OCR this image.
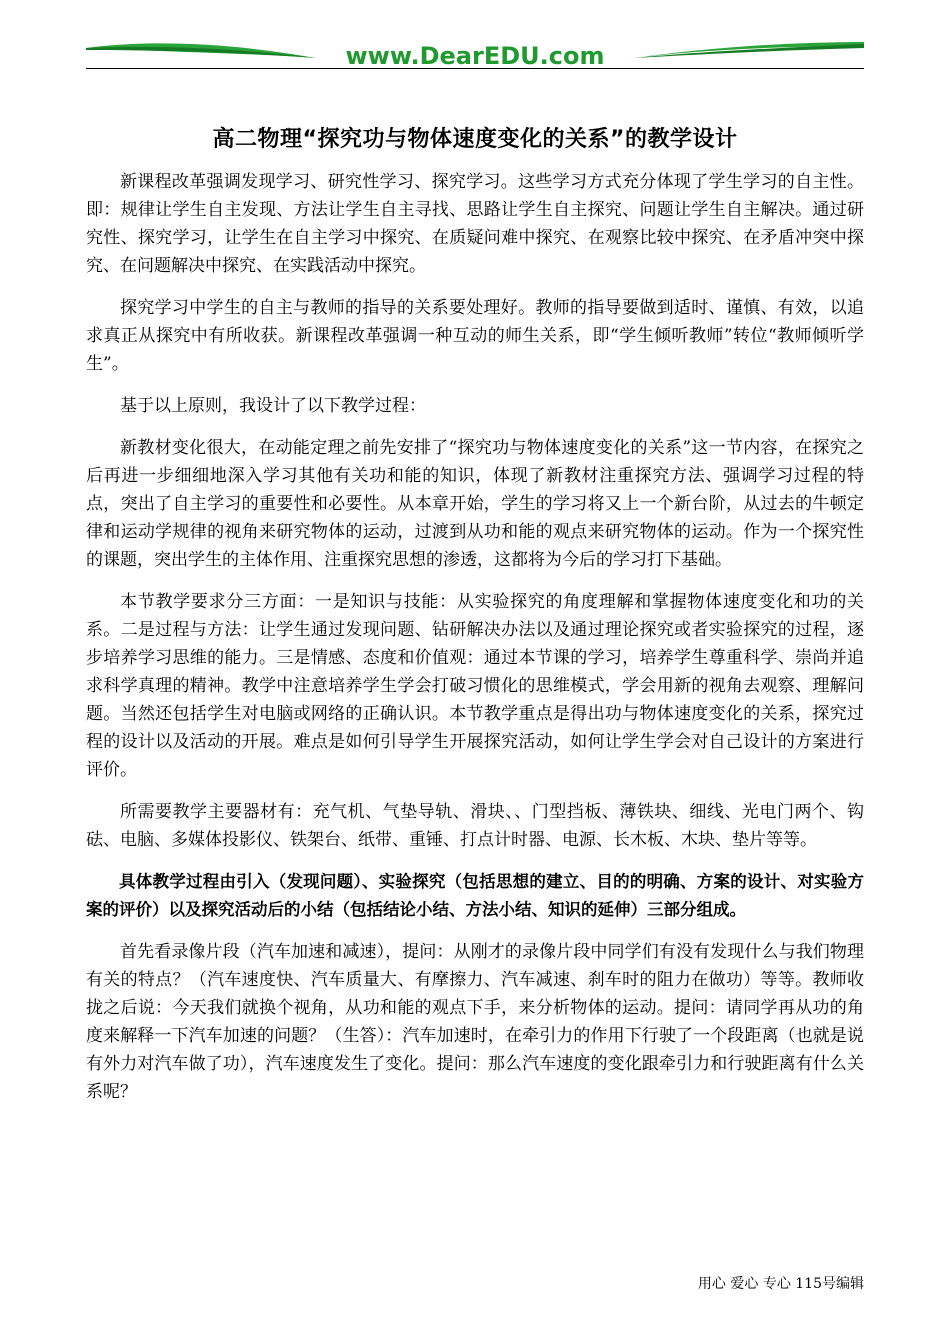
www.DearEDU.com
高二物理“探究功与物体速度变化的关系”的教学设计

新课程改革强调发现学习、研究性学习、探究学习。这些学习方式充分体现了学生学习的自主性。即：规律让学生自主发现、方法让学生自主寻找、思路让学生自主探究、问题让学生自主解决。通过研究性、探究学习，让学生在自主学习中探究、在质疑问难中探究、在观察比较中探究、在矛盾冲突中探究、在问题解决中探究、在实践活动中探究。

探究学习中学生的自主与教师的指导的关系要处理好。教师的指导要做到适时、谨慎、有效，以追求真正从探究中有所收获。新课程改革强调一种互动的师生关系，即“学生倾听教师”转位“教师倾听学生”。

基于以上原则，我设计了以下教学过程：

新教材变化很大，在动能定理之前先安排了“探究功与物体速度变化的关系”这一节内容，在探究之后再进一步细细地深入学习其他有关功和能的知识，体现了新教材注重探究方法、强调学习过程的特点，突出了自主学习的重要性和必要性。从本章开始，学生的学习将又上一个新台阶，从过去的牛顿定律和运动学规律的视角来研究物体的运动，过渡到从功和能的观点来研究物体的运动。作为一个探究性的课题，突出学生的主体作用、注重探究思想的渗透，这都将为今后的学习打下基础。

本节教学要求分三方面：一是知识与技能：从实验探究的角度理解和掌握物体速度变化和功的关系。二是过程与方法：让学生通过发现问题、钻研解决办法以及通过理论探究或者实验探究的过程，逐步培养学习思维的能力。三是情感、态度和价值观：通过本节课的学习，培养学生尊重科学、崇尚并追求科学真理的精神。教学中注意培养学生学会打破习惯化的思维模式，学会用新的视角去观察、理解问题。当然还包括学生对电脑或网络的正确认识。本节教学重点是得出功与物体速度变化的关系，探究过程的设计以及活动的开展。难点是如何引导学生开展探究活动，如何让学生学会对自己设计的方案进行评价。

所需要教学主要器材有：充气机、气垫导轨、滑块、、门型挡板、薄铁块、细线、光电门两个、钩砝、电脑、多媒体投影仪、铁架台、纸带、重锤、打点计时器、电源、长木板、木块、垫片等等。

具体教学过程由引入（发现问题）、实验探究（包括思想的建立、目的的明确、方案的设计、对实验方案的评价）以及探究活动后的小结（包括结论小结、方法小结、知识的延伸）三部分组成。

首先看录像片段（汽车加速和减速），提问：从刚才的录像片段中同学们有没有发现什么与我们物理有关的特点？（汽车速度快、汽车质量大、有摩擦力、汽车减速、刹车时的阻力在做功）等等。教师收拢之后说：今天我们就换个视角，从功和能的观点下手，来分析物体的运动。提问：请同学再从功的角度来解释一下汽车加速的问题？（生答）：汽车加速时，在牵引力的作用下行驶了一个段距离（也就是说有外力对汽车做了功），汽车速度发生了变化。提问：那么汽车速度的变化跟牵引力和行驶距离有什么关系呢？

用心 爱心 专心 115号编辑
